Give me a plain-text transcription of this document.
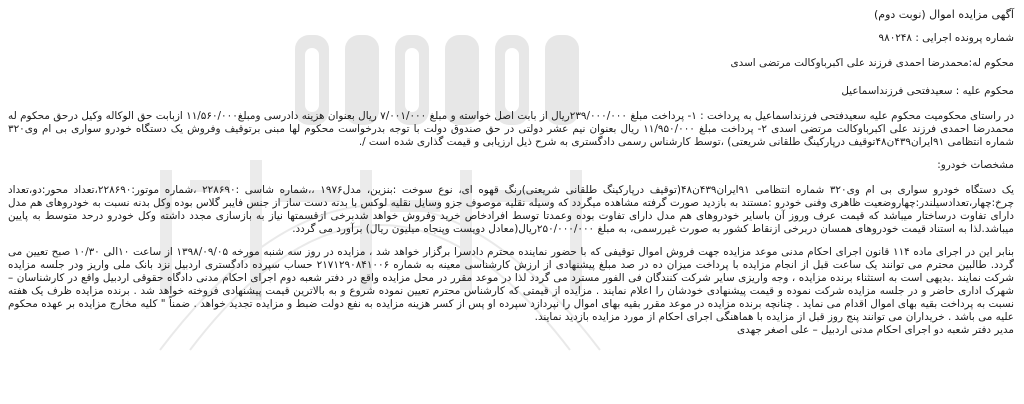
آگهی مزایده اموال (نوبت دوم)
شماره پرونده اجرایی : ۹۸۰۲۴۸
محکوم له:محمدرضا احمدی فرزند علی اکبرباوکالت مرتضی اسدی
محکوم علیه : سعیدفتحی فرزنداسماعیل

در راستای محکومیت محکوم علیه سعیدفتحی فرزنداسماعیل به پرداخت : ۱- پرداخت مبلغ ۲۳۹/۰۰۰/۰۰۰ریال از بابت اصل خواسته و مبلغ ۷/۰۰۱/۰۰۰ ریال بعنوان هزینه دادرسی ومبلغ۱۱/۵۶۰/۰۰۰ ازبابت حق الوکاله وکیل درحق محکوم له محمدرضا احمدی فرزند علی اکبرباوکالت مرتضی اسدی ۲- پرداخت مبلغ ۱۱/۹۵۰/۰۰۰ ریال بعنوان نیم عشر دولتی در حق صندوق دولت با توجه بدرخواست محکوم لها مبنی برتوقیف وفروش یک دستگاه خودرو سواری بی ام وی۳۲۰ شماره انتظامی ۹۱ایران۴۳۹ن۴۸توقیف درپارکینگ طلقانی شریعتی) ،توسط کارشناس رسمی دادگستری به شرح ذیل ارزیابی و قیمت گذاری شده است /.

مشخصات خودرو:

یک دستگاه خودرو سواری بی ام وی۳۲۰ شماره انتظامی ۹۱ایران۴۳۹ن۴۸(توقیف درپارکینگ طلقانی شریعتی)رنگ قهوه ای، نوع سوخت :بنزین، مدل۱۹۷۶ ،،شماره شاسی :۲۲۸۶۹۰ ،شماره موتور:۲۲۸۶۹۰،تعداد محور:دو،تعداد چرخ:چهار،تعدادسیلندر:چهاروضعیت ظاهری وفنی خودرو :مستند به بازدید صورت گرفته مشاهده میگردد که وسیله نقلیه موصوف جزو وسایل نقلیه لوکس با بدنه دست ساز از جنس فایبر گلاس بوده وکل بدنه نسبت به خودروهای هم مدل دارای تفاوت درساختار میباشد که قیمت عرف وروز آن باسایر خودروهای هم مدل دارای تفاوت بوده وعمدتا توسط افرادخاص خرید وفروش خواهد شدبرخی ازقسمتها نیاز به بازسازی مجدد داشته وکل خودرو درحد متوسط به پایین میباشد.لذا به استناد قیمت خودروهای همسان دربرخی ازنقاط کشور به صورت غیررسمی، به مبلغ ۲۵۰/۰۰۰/۰۰۰ریال(معادل دویست وپنجاه میلیون ریال) برآورد می گردد.

بنابر این در اجرای ماده ۱۱۴ قانون اجرای احکام مدنی موعد مزایده جهت فروش اموال توقیفی که با حضور نماینده محترم دادسرا برگزار خواهد شد ، مزایده در روز سه شنبه مورخه ۱۳۹۸/۰۹/۰۵ از ساعت ۱۰الی ۱۰/۳۰ صبح تعیین می گردد. طالبین محترم می توانند یک ساعت قبل از انجام مزایده با پرداخت میزان ده در صد مبلغ پیشنهادی از ارزش کارشناسی معینه به شماره ۲۱۷۱۲۹۰۸۴۱۰۰۶ حساب سپرده دادگستری اردبیل نزد بانک ملی واریز ودر جلسه مزایده شرکت نمایند .بدیهی است به استثناء برنده مزایده ، وجه واریزی سایر شرکت کنندگان فی الفور مسترد می گردد لذا در موعد مقرر در محل مزایده واقع در دفتر شعبه دوم اجرای احکام مدنی دادگاه حقوقی اردبیل واقع در کارشناسان – شهرک اداری حاضر و در جلسه مزایده شرکت نموده و قیمت پیشنهادی خودشان را اعلام نمایند . مزایده از قیمتی که کارشناس محترم تعیین نموده شروع و به بالاترین قیمت پیشنهادی فروخته خواهد شد . برنده مزایده ظرف یک هفته نسبت به پرداخت بقیه بهای اموال اقدام می نماید . چنانچه برنده مزایده در موعد مقرر بقیه بهای اموال را نپردازد سپرده او پس از کسر هزینه مزایده به نفع دولت ضبط و مزایده تجدید خواهد . ضمناً " کلیه مخارج مزایده بر عهده محکوم علیه می باشد . خریداران می توانند پنج روز قبل از مزایده با هماهنگی اجرای احکام از مورد مزایده بازدید نمایند.

مدیر دفتر شعبه دو اجرای احکام مدنی اردبیل – علی اصغر جهدی
